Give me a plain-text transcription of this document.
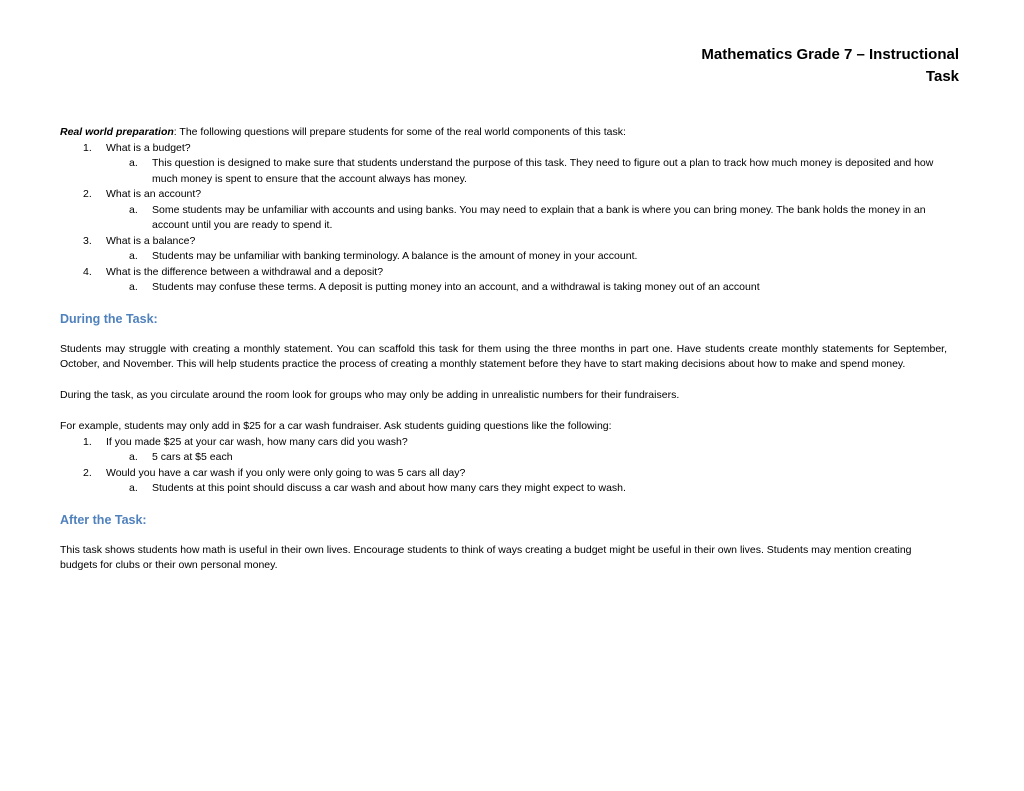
Mathematics Grade 7 – Instructional
Task

Real world preparation: The following questions will prepare students for some of the real world components of this task:

1. What is a budget?
a. This question is designed to make sure that students understand the purpose of this task. They need to figure out a plan to track how much money is deposited and how much money is spent to ensure that the account always has money.
2. What is an account?
a. Some students may be unfamiliar with accounts and using banks. You may need to explain that a bank is where you can bring money. The bank holds the money in an account until you are ready to spend it.
3. What is a balance?
a. Students may be unfamiliar with banking terminology. A balance is the amount of money in your account.
4. What is the difference between a withdrawal and a deposit?
a. Students may confuse these terms. A deposit is putting money into an account, and a withdrawal is taking money out of an account
During the Task:

Students may struggle with creating a monthly statement. You can scaffold this task for them using the three months in part one. Have students create monthly statements for September, October, and November. This will help students practice the process of creating a monthly statement before they have to start making decisions about how to make and spend money.

During the task, as you circulate around the room look for groups who may only be adding in unrealistic numbers for their fundraisers.

For example, students may only add in $25 for a car wash fundraiser. Ask students guiding questions like the following:

1. If you made $25 at your car wash, how many cars did you wash?
a. 5 cars at $5 each
2. Would you have a car wash if you only were only going to was 5 cars all day?
a. Students at this point should discuss a car wash and about how many cars they might expect to wash.
After the Task:

This task shows students how math is useful in their own lives. Encourage students to think of ways creating a budget might be useful in their own lives. Students may mention creating budgets for clubs or their own personal money.
